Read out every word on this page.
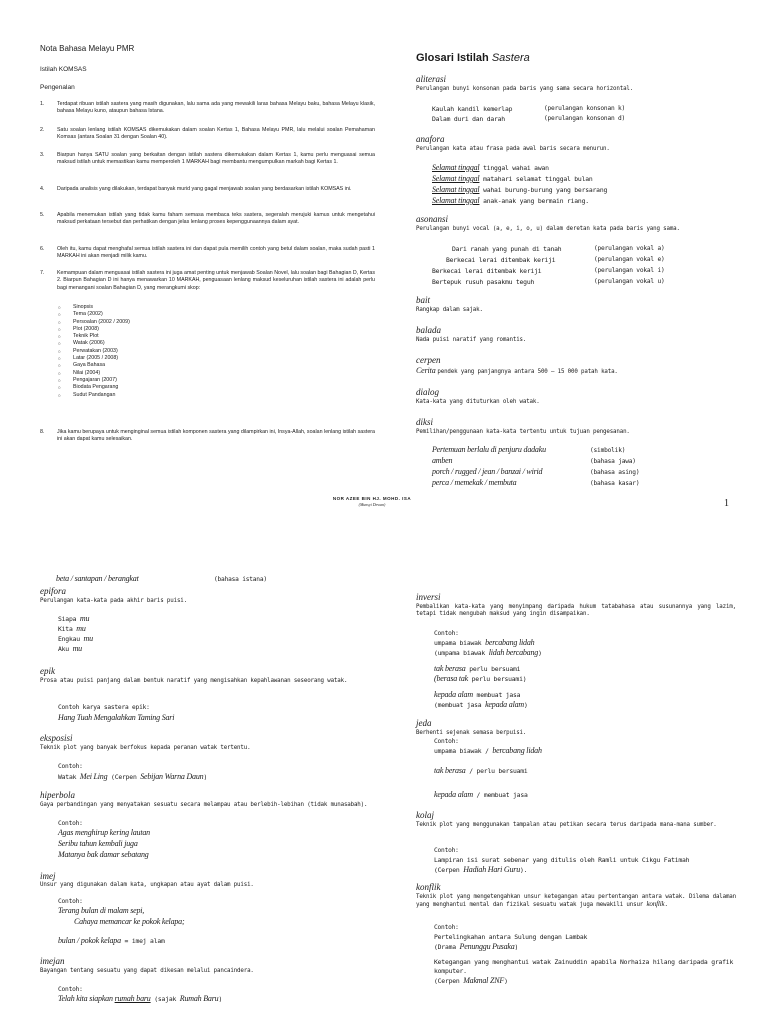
Nota Bahasa Melayu PMR
Istilah KOMSAS
Pengenalan
1. Terdapat ribuan istilah sastera yang masih digunakan, lalu sama ada yang mewakili laras bahasa Melayu baku, bahasa Melayu klasik, bahasa Melayu kuno, ataupun bahasa Istana.
2. Satu soalan lenlang istilah KOMSAS dikemukakan dalam soalan Kertas 1, Bahasa Melayu PMR, lalu melalui soalan Pemahaman Komsas (antara Soalan 31 dengan Soalan 40).
3. Biarpun hanya SATU soalan yang berkaitan dengan istilah sastera dikemukakan dalam Kertas 1, kamu perlu menguasai semua maksud istilah untuk memastikan kamu memperoleh 1 MARKAH bagi membantu mengumpulkan markah bagi Kertas 1.
4. Daripada analisis yang dilakukan, terdapat banyak murid yang gagal menjawab soalan yang berdasarkan istilah KOMSAS ini.
5. Apabila menemukan istilah yang tidak kamu faham semasa membaca teks sastera, segeralah merujuki kamus untuk mengetahui maksud perkataan tersebut dan perhatikan dengan jelas lenlang proses kepenggunaannya dalam ayat.
6. Oleh itu, kamu dapat menghafal semua istilah sastera ini dan dapat pula memilih contoh yang betul dalam soalan, maka sudah pasti 1 MARKAH ini akan menjadi milik kamu.
7. Kemampuan dalam menguasai istilah sastera ini juga amat penting untuk menjawab Soalan Novel, lalu soalan bagi Bahagian D, Kertas 2. Biarpun Bahagian D ini hanya menawarkan 10 MARKAH, penguasaan lenlang maksud keseluruhan istilah sastera ini adalah perlu bagi menangani soalan Bahagian D, yang merangkumi skop:
○ Sinopsis
○ Tema (2002)
○ Persoalan (2002 / 2009)
○ Plot (2008)
○ Teknik Plot
○ Watak (2006)
○ Perwatakan (2003)
○ Latar (2005 / 2008)
○ Gaya Bahasa
○ Nilai (2004)
○ Pengajaran (2007)
○ Biodata Pengarang
○ Sudut Pandangan
8. Jika kamu berupaya untuk menginginal semua istilah komponen sastera yang dilampirkan ini, Insya-Allah, soalan lenlang istilah sastera ini akan dapat kamu selesaikan.
Glosari Istilah Sastera
aliterasi
Perulangan bunyi konsonan pada baris yang sama secara horizontal.
Kaulah kandil kemerlap	(perulangan konsonan k)
Dalam duri dan darah	(perulangan konsonan d)
anafora
Perulangan kata atau frasa pada awal baris secara menurun.
Selamat tinggal tinggal wahai awan
Selamat tinggal matahari selamat tinggal bulan
Selamat tinggal wahai burung-burung yang bersarang
Selamat tinggal anak-anak yang bermain riang.
asonansi
Perulangan bunyi vocal (a, e, i, o, u) dalam deretan kata pada baris yang sama.
Dari ranah yang punah di tanah	(perulangan vokal a)
Berkecai lerai ditembak keriji	(perulangan vokal e)
Berkecai lerai ditembak keriji	(perulangan vokal i)
Bertepuk rusuh pasakmu teguh	(perulangan vokal u)
bait
Rangkap dalam sajak.
balada
Nada puisi naratif yang romantis.
cerpen
Cerita pendek yang panjangnya antara 500 – 15 000 patah kata.
dialog
Kata-kata yang dituturkan oleh watak.
diksi
Pemilihan/penggunaan kata-kata tertentu untuk tujuan pengesanan.
Pertemuan berlalu di penjuru dadaku	(simbolik)
amben	(bahasa jawa)
porch / rugged / jean / banzai / wirid	(bahasa asing)
perca / memekak / membuta	(bahasa kasar)
NOR AZEE BIN HJ. MOHD. ISA
(Munsyi Dewan)	1
beta / santapan / berangkat	(bahasa istana)
epifora
Perulangan kata-kata pada akhir baris puisi.
Siapa mu
Kita mu
Engkau mu
Aku mu
epik
Prosa atau puisi panjang dalam bentuk naratif yang mengisahkan kepahlawanan seseorang watak.
Contoh karya sastera epik:
Hang Tuah Mengalahkan Taming Sari
eksposisi
Teknik plot yang banyak berfokus kepada peranan watak tertentu.
Contoh:
Watak Mei Ling (Cerpen Sebijan Warna Daun)
hiperbola
Gaya perbandingan yang menyatakan sesuatu secara melampau atau berlebih-lebihan (tidak munasabah).
Contoh:
Agas menghirup kering lautan
Seribu tahun kembali juga
Matanya bak damar sebatang
imej
Unsur yang digunakan dalam kata, ungkapan atau ayat dalam puisi.
Contoh:
Terang bulan di malam sepi,
Cahaya memancar ke pokok kelapa;
bulan / pokok kelapa = imej alam
imejan
Bayangan tentang sesuatu yang dapat dikesan melalui pancaindera.
Contoh:
Telah kita siapkan rumah baru (sajak Rumah Baru)
inversi
Pembalikan kata-kata yang menyimpang daripada hukum tatabahasa atau susunannya yang lazim, tetapi tidak mengubah maksud yang ingin disampaikan.
Contoh:
umpama biawak bercabang lidah
(umpama biawak lidah bercabang)
tak berasa perlu bersuami
(berasa tak perlu bersuami)
kepada alam membuat jasa
(membuat jasa kepada alam)
jeda
Berhenti sejenak semasa berpuisi.
Contoh:
umpama biawak / bercabang lidah
tak berasa / perlu bersuami
kepada alam / membuat jasa
kolaj
Teknik plot yang menggunakan tampalan atau petikan secara terus daripada mana-mana sumber.
Contoh:
Lampiran isi surat sebenar yang ditulis oleh Ramli untuk Cikgu Fatimah
(Cerpen Hadiah Hari Guru).
konflik
Teknik plot yang mengetengahkan unsur ketegangan atau pertentangan antara watak. Dilema dalaman yang menghantui mental dan fizikal sesuatu watak juga mewakili unsur konflik.
Contoh:
Pertelingkahan antara Sulung dengan Lambak
(Drama Penunggu Pusaka)
Ketegangan yang menghantui watak Zainuddin apabila Norhaiza hilang daripada grafik komputer.
(Cerpen Makmal ZNF)
